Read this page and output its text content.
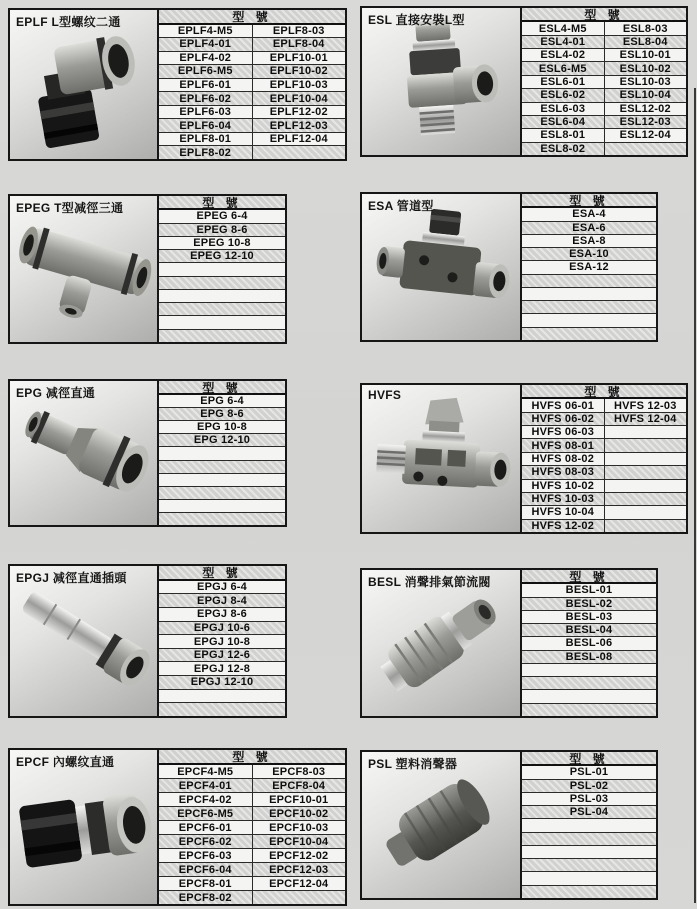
EPLF L型螺纹二通	型 號
EPLF4-M5	EPLF8-03
EPLF4-01	EPLF8-04
EPLF4-02	EPLF10-01
EPLF6-M5	EPLF10-02
EPLF6-01	EPLF10-03
EPLF6-02	EPLF10-04
EPLF6-03	EPLF12-02
EPLF6-04	EPLF12-03
EPLF8-01	EPLF12-04
EPLF8-02
ESL 直接安裝L型	型 號
ESL4-M5	ESL8-03
ESL4-01	ESL8-04
ESL4-02	ESL10-01
ESL6-M5	ESL10-02
ESL6-01	ESL10-03
ESL6-02	ESL10-04
ESL6-03	ESL12-02
ESL6-04	ESL12-03
ESL8-01	ESL12-04
ESL8-02
EPEG T型减徑三通	型 號
EPEG 6-4
EPEG 8-6
EPEG 10-8
EPEG 12-10
ESA 管道型	型 號
ESA-4
ESA-6
ESA-8
ESA-10
ESA-12
EPG 减徑直通	型 號
EPG 6-4
EPG 8-6
EPG 10-8
EPG 12-10
HVFS	型 號
HVFS 06-01	HVFS 12-03
HVFS 06-02	HVFS 12-04
HVFS 06-03
HVFS 08-01
HVFS 08-02
HVFS 08-03
HVFS 10-02
HVFS 10-03
HVFS 10-04
HVFS 12-02
EPGJ 减徑直通插頭	型 號
EPGJ 6-4
EPGJ 8-4
EPGJ 8-6
EPGJ 10-6
EPGJ 10-8
EPGJ 12-6
EPGJ 12-8
EPGJ 12-10
BESL 消聲排氣節流閥	型 號
BESL-01
BESL-02
BESL-03
BESL-04
BESL-06
BESL-08
EPCF 內螺纹直通	型 號
EPCF4-M5	EPCF8-03
EPCF4-01	EPCF8-04
EPCF4-02	EPCF10-01
EPCF6-M5	EPCF10-02
EPCF6-01	EPCF10-03
EPCF6-02	EPCF10-04
EPCF6-03	EPCF12-02
EPCF6-04	EPCF12-03
EPCF8-01	EPCF12-04
EPCF8-02
PSL 塑料消聲器	型 號
PSL-01
PSL-02
PSL-03
PSL-04
